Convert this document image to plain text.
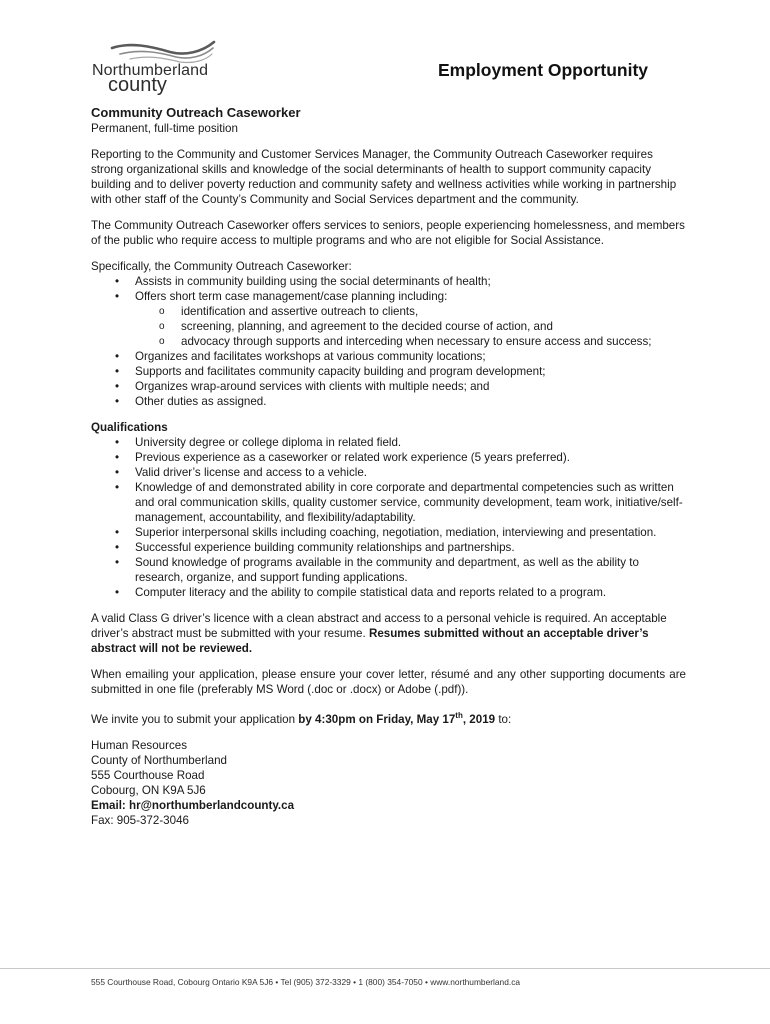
Northumberland
county
Employment Opportunity
Community Outreach Caseworker

Permanent, full-time position

Reporting to the Community and Customer Services Manager, the Community Outreach Caseworker requires strong organizational skills and knowledge of the social determinants of health to support community capacity building and to deliver poverty reduction and community safety and wellness activities while working in partnership with other staff of the County’s Community and Social Services department and the community.

The Community Outreach Caseworker offers services to seniors, people experiencing homelessness, and members of the public who require access to multiple programs and who are not eligible for Social Assistance.

Specifically, the Community Outreach Caseworker:
• Assists in community building using the social determinants of health;
• Offers short term case management/case planning including:
o identification and assertive outreach to clients,
o screening, planning, and agreement to the decided course of action, and
o advocacy through supports and interceding when necessary to ensure access and success;
• Organizes and facilitates workshops at various community locations;
• Supports and facilitates community capacity building and program development;
• Organizes wrap-around services with clients with multiple needs; and
• Other duties as assigned.
Qualifications
• University degree or college diploma in related field.
• Previous experience as a caseworker or related work experience (5 years preferred).
• Valid driver’s license and access to a vehicle.
• Knowledge of and demonstrated ability in core corporate and departmental competencies such as written and oral communication skills, quality customer service, community development, team work, initiative/self-management, accountability, and flexibility/adaptability.
• Superior interpersonal skills including coaching, negotiation, mediation, interviewing and presentation.
• Successful experience building community relationships and partnerships.
• Sound knowledge of programs available in the community and department, as well as the ability to research, organize, and support funding applications.
• Computer literacy and the ability to compile statistical data and reports related to a program.

A valid Class G driver’s licence with a clean abstract and access to a personal vehicle is required. An acceptable driver’s abstract must be submitted with your resume. Resumes submitted without an acceptable driver’s abstract will not be reviewed.

When emailing your application, please ensure your cover letter, résumé and any other supporting documents are submitted in one file (preferably MS Word (.doc or .docx) or Adobe (.pdf)).

We invite you to submit your application by 4:30pm on Friday, May 17th, 2019 to:

Human Resources
County of Northumberland
555 Courthouse Road
Cobourg, ON K9A 5J6
Email: hr@northumberlandcounty.ca
Fax: 905-372-3046
555 Courthouse Road, Cobourg Ontario K9A 5J6 • Tel (905) 372-3329 • 1 (800) 354-7050 • www.northumberland.ca
